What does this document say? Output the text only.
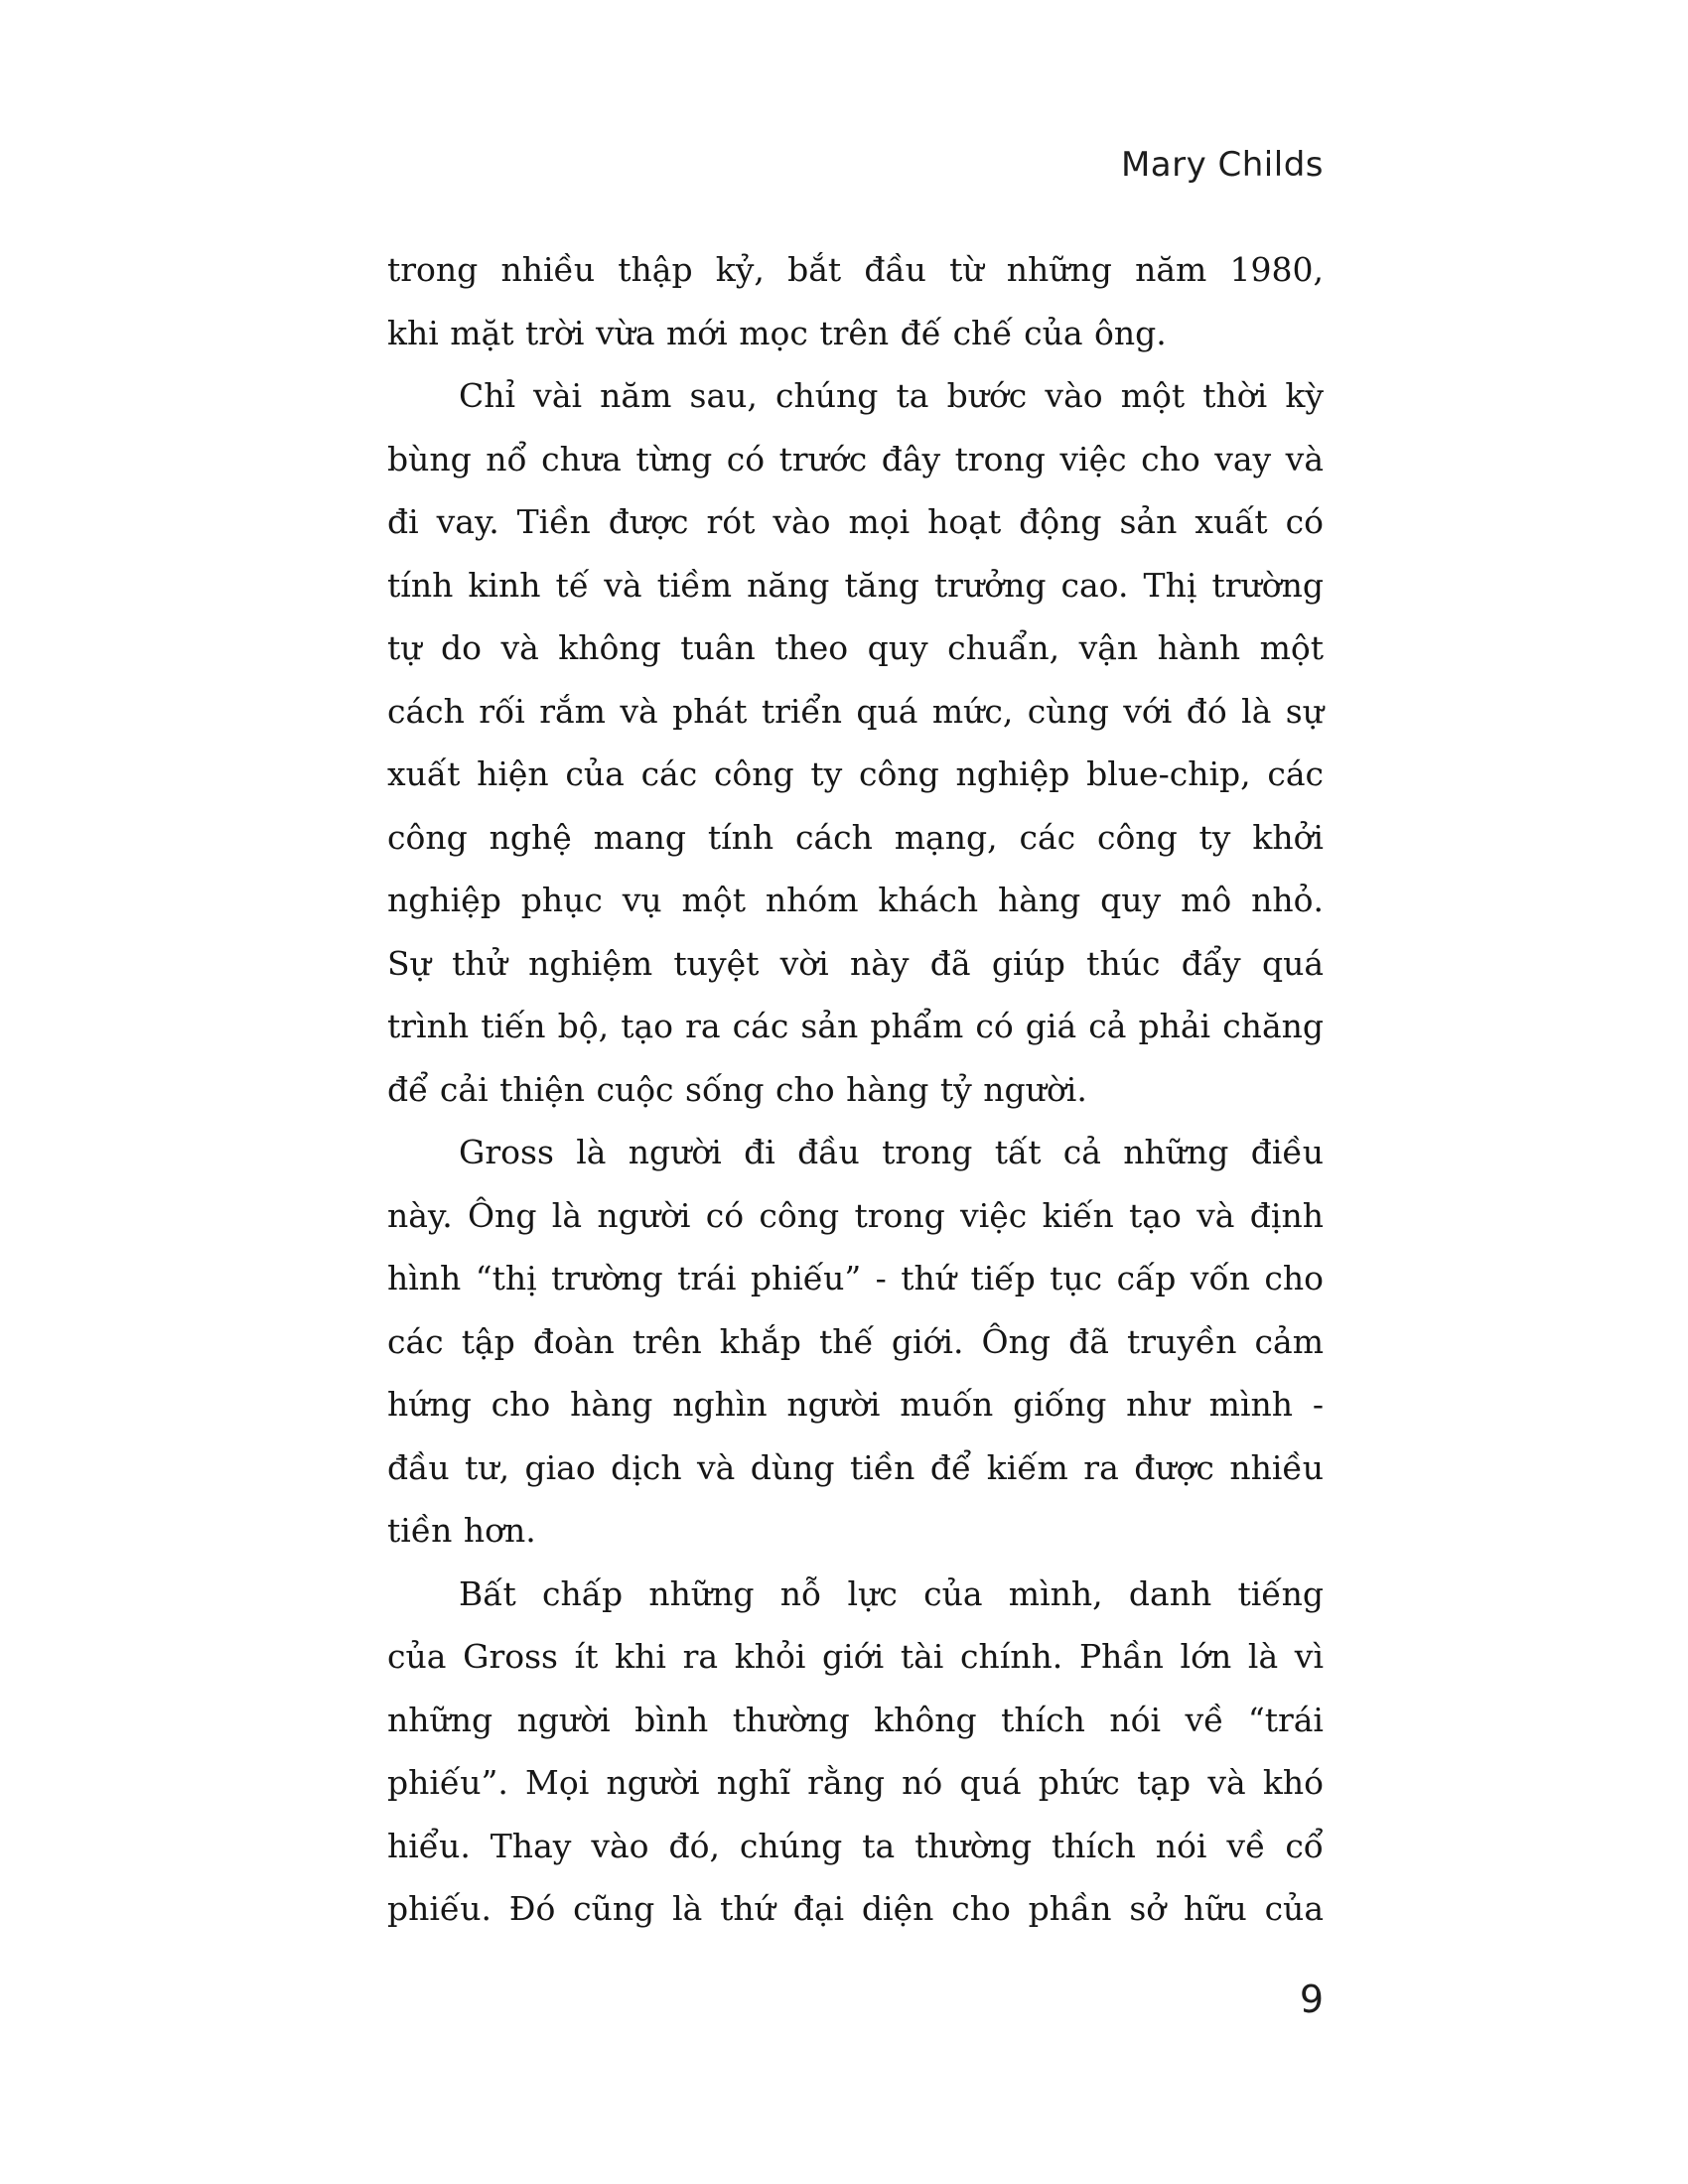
Mary Childs
trong nhiều thập kỷ, bắt đầu từ những năm 1980,
khi mặt trời vừa mới mọc trên đế chế của ông.
Chỉ vài năm sau, chúng ta bước vào một thời kỳ
bùng nổ chưa từng có trước đây trong việc cho vay và
đi vay. Tiền được rót vào mọi hoạt động sản xuất có
tính kinh tế và tiềm năng tăng trưởng cao. Thị trường
tự do và không tuân theo quy chuẩn, vận hành một
cách rối rắm và phát triển quá mức, cùng với đó là sự
xuất hiện của các công ty công nghiệp blue-chip, các
công nghệ mang tính cách mạng, các công ty khởi
nghiệp phục vụ một nhóm khách hàng quy mô nhỏ.
Sự thử nghiệm tuyệt vời này đã giúp thúc đẩy quá
trình tiến bộ, tạo ra các sản phẩm có giá cả phải chăng
để cải thiện cuộc sống cho hàng tỷ người.
Gross là người đi đầu trong tất cả những điều
này. Ông là người có công trong việc kiến tạo và định
hình “thị trường trái phiếu” - thứ tiếp tục cấp vốn cho
các tập đoàn trên khắp thế giới. Ông đã truyền cảm
hứng cho hàng nghìn người muốn giống như mình -
đầu tư, giao dịch và dùng tiền để kiếm ra được nhiều
tiền hơn.
Bất chấp những nỗ lực của mình, danh tiếng
của Gross ít khi ra khỏi giới tài chính. Phần lớn là vì
những người bình thường không thích nói về “trái
phiếu”. Mọi người nghĩ rằng nó quá phức tạp và khó
hiểu. Thay vào đó, chúng ta thường thích nói về cổ
phiếu. Đó cũng là thứ đại diện cho phần sở hữu của
9
